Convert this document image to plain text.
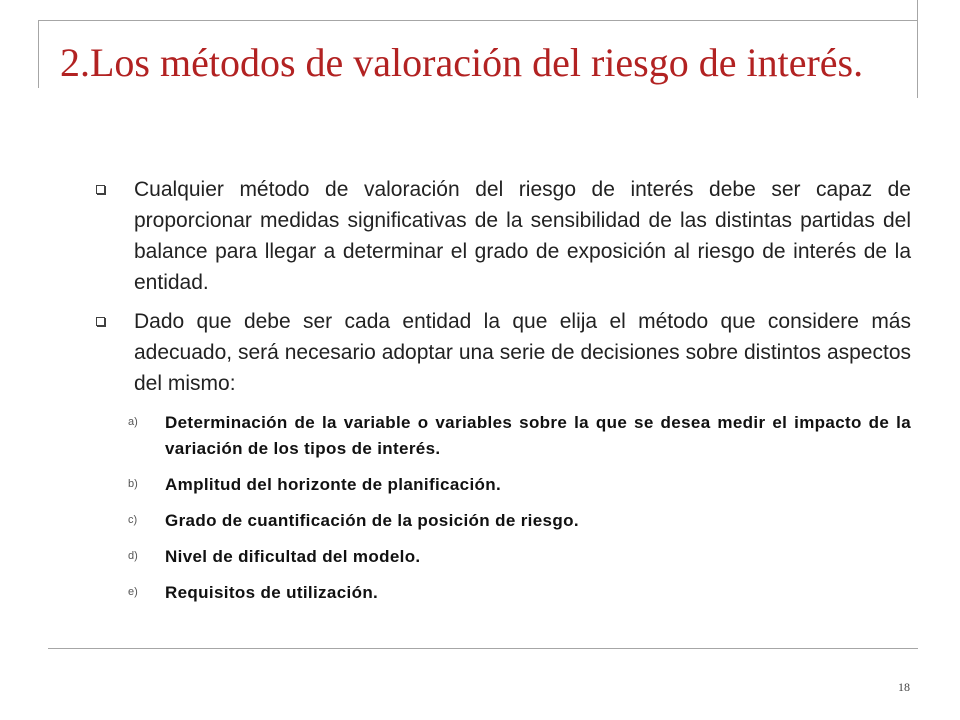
2.Los métodos de valoración del riesgo de interés.
Cualquier método de valoración del riesgo de interés debe ser capaz de proporcionar medidas significativas de la sensibilidad de las distintas partidas del balance para llegar a determinar el grado de exposición al riesgo de interés de la entidad.
Dado que debe ser cada entidad la que elija el método que considere más adecuado, será necesario adoptar una serie de decisiones sobre distintos aspectos del mismo:
a) Determinación de la variable o variables sobre la que se desea medir el impacto de la variación de los tipos de interés.
b) Amplitud del horizonte de planificación.
c) Grado de cuantificación de la posición de riesgo.
d) Nivel de dificultad del modelo.
e) Requisitos de utilización.
18
